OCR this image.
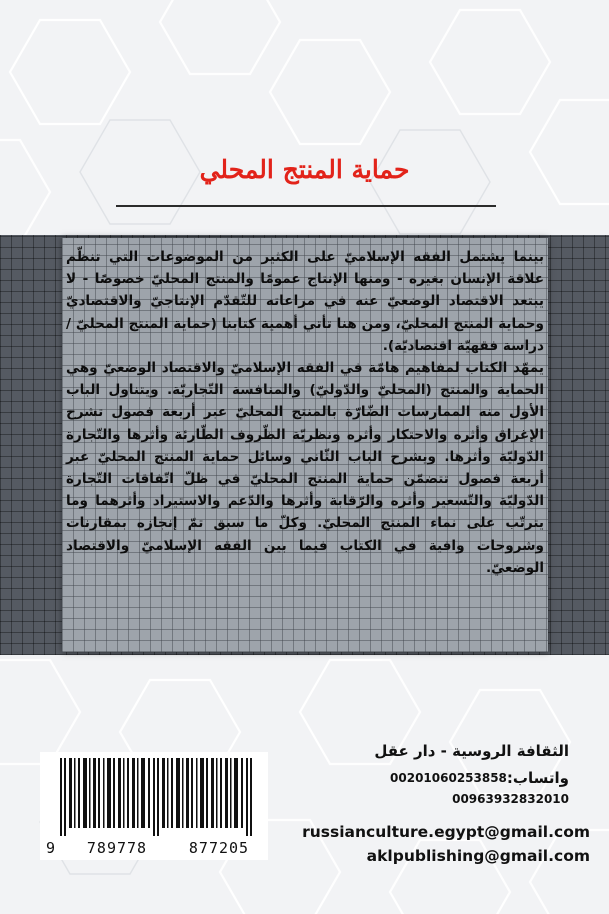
حماية المنتج المحلي

بينما يشتمل الفقه الإسلاميّ على الكثير من الموضوعات التي تنظّم علاقة الإنسان بغيره - ومنها الإنتاج عمومًا والمنتج المحليّ خصوصًا - لا يبتعد الاقتصاد الوضعيّ عنه في مراعاته للتّقدّم الإنتاجيّ والاقتصاديّ وحماية المنتج المحليّ، ومن هنا تأتي أهمية كتابنا (حماية المنتج المحليّ / دراسة فقهيّة اقتصاديّة).

يمهّد الكتاب لمفاهيم هامّة في الفقه الإسلاميّ والاقتصاد الوضعيّ وهي الحماية والمنتج (المحليّ والدّوليّ) والمنافسة التّجاريّة. ويتناول الباب الأول منه الممارسات الضّارّة بالمنتج المحليّ عبر أربعة فصول تشرح الإغراق وأثره والاحتكار وأثره ونظريّة الظّروف الطّارئة وأثرها والتّجارة الدّوليّة وأثرها. ويشرح الباب الثّاني وسائل حماية المنتج المحليّ عبر أربعة فصول تتضمّن حماية المنتج المحليّ في ظلّ اتّفاقات التّجارة الدّوليّة والتّسعير وأثره والرّقابة وأثرها والدّعم والاستيراد وأثرهما وما يترتّب على نماء المنتج المحليّ. وكلّ ما سبق تمّ إنجازه بمقارنات وشروحات وافية في الكتاب فيما بين الفقه الإسلاميّ والاقتصاد الوضعيّ.

الثقافة الروسية - دار عقل
واتساب:
00201060253858
00963932832010
russianculture.egypt@gmail.com
aklpublishing@gmail.com
9	789778	877205
